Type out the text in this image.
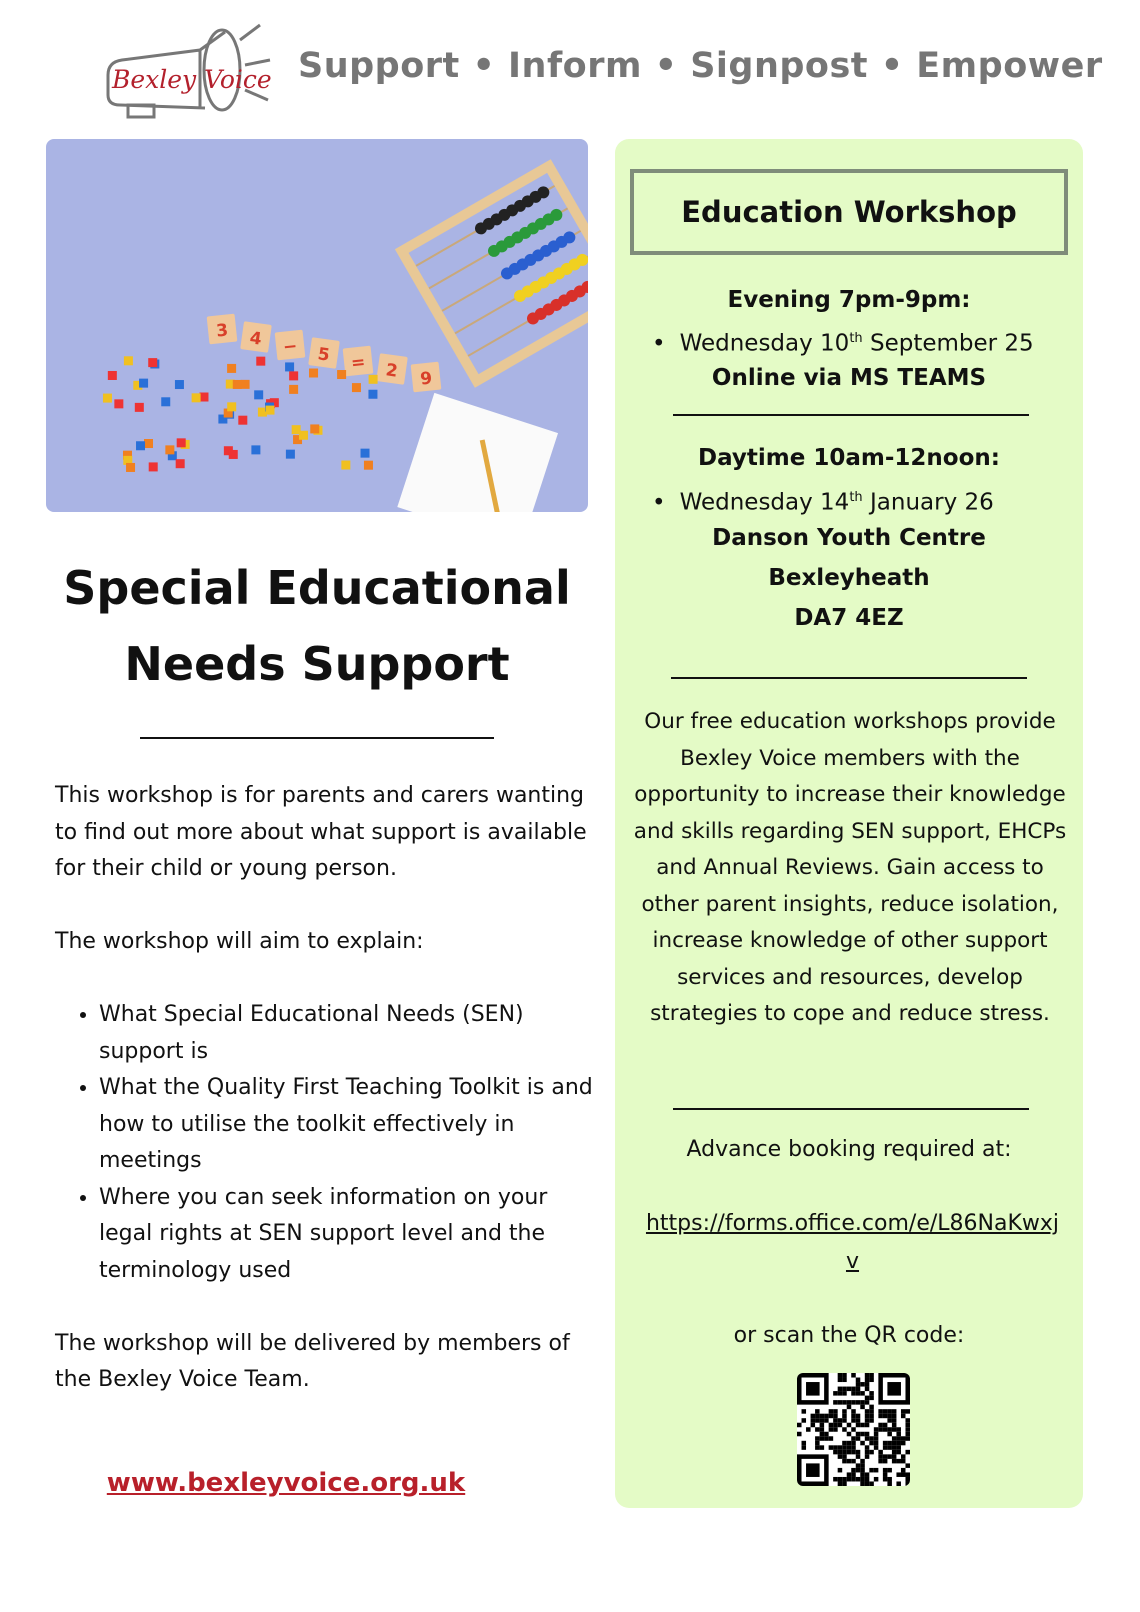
Bexley Voice Support • Inform • Signpost • Empower
3 4 − 5 = 2 9
Special Educational
Needs Support

This workshop is for parents and carers wanting to find out more about what support is available for their child or young person.

The workshop will aim to explain:

• What Special Educational Needs (SEN) support is
• What the Quality First Teaching Toolkit is and how to utilise the toolkit effectively in meetings
• Where you can seek information on your legal rights at SEN support level and the terminology used

The workshop will be delivered by members of the Bexley Voice Team.

www.bexleyvoice.org.uk
Education Workshop
Evening 7pm-9pm:
• Wednesday 10th September 25
Online via MS TEAMS
Daytime 10am-12noon:
• Wednesday 14th January 26
Danson Youth Centre
Bexleyheath
DA7 4EZ
Our free education workshops provide Bexley Voice members with the opportunity to increase their knowledge and skills regarding SEN support, EHCPs and Annual Reviews. Gain access to other parent insights, reduce isolation, increase knowledge of other support services and resources, develop strategies to cope and reduce stress.
Advance booking required at:
https://forms.office.com/e/L86NaKwxjv
or scan the QR code:
